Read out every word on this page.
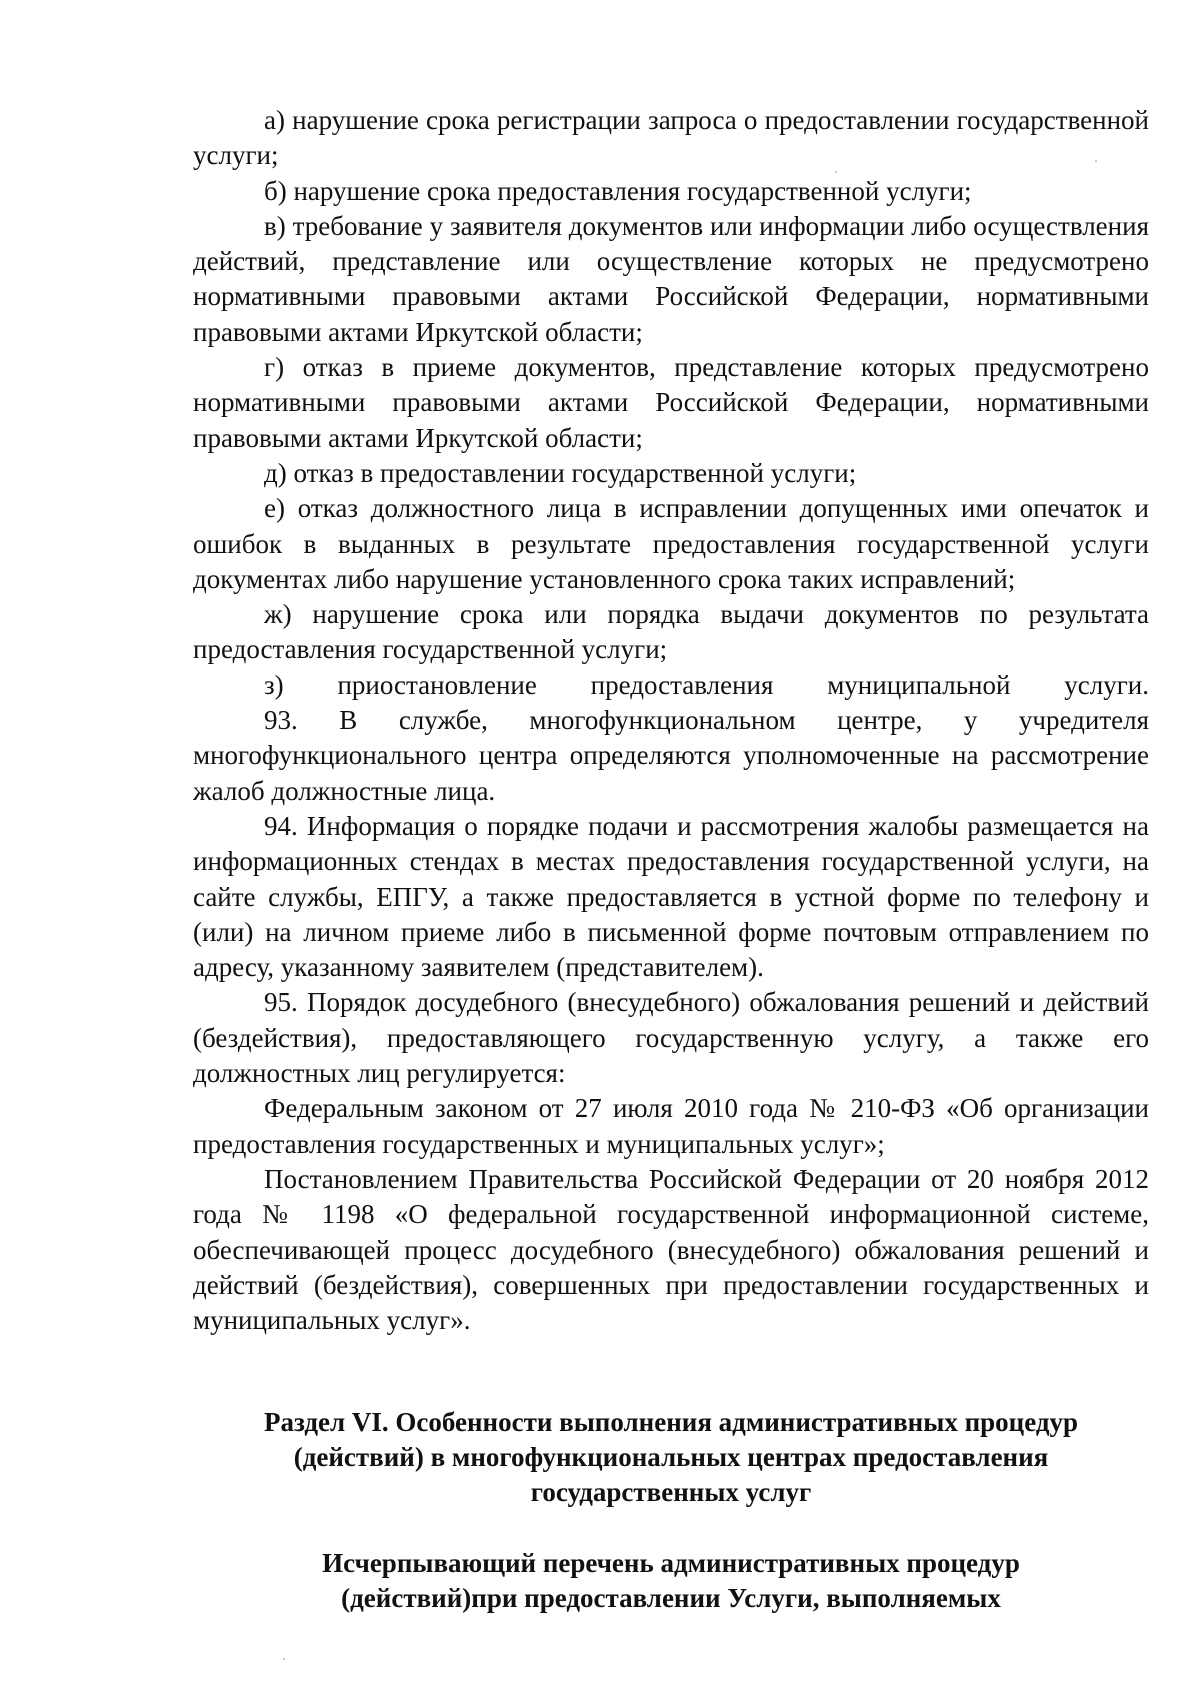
а) нарушение срока регистрации запроса о предоставлении государственной услуги;

б) нарушение срока предоставления государственной услуги;

в) требование у заявителя документов или информации либо осуществления действий, представление или осуществление которых не предусмотрено нормативными правовыми актами Российской Федерации, нормативными правовыми актами Иркутской области;

г) отказ в приеме документов, представление которых предусмотрено нормативными правовыми актами Российской Федерации, нормативными правовыми актами Иркутской области;

д) отказ в предоставлении государственной услуги;

е) отказ должностного лица в исправлении допущенных ими опечаток и ошибок в выданных в результате предоставления государственной услуги документах либо нарушение установленного срока таких исправлений;

ж) нарушение срока или порядка выдачи документов по результата предоставления государственной услуги;

з) приостановление предоставления муниципальной услуги.

93. В службе, многофункциональном центре, у учредителя многофункционального центра определяются уполномоченные на рассмотрение жалоб должностные лица.

94. Информация о порядке подачи и рассмотрения жалобы размещается на информационных стендах в местах предоставления государственной услуги, на сайте службы, ЕПГУ, а также предоставляется в устной форме по телефону и (или) на личном приеме либо в письменной форме почтовым отправлением по адресу, указанному заявителем (представителем).

95. Порядок досудебного (внесудебного) обжалования решений и действий (бездействия), предоставляющего государственную услугу, а также его должностных лиц регулируется:

Федеральным законом от 27 июля 2010 года № 210-ФЗ «Об организации предоставления государственных и муниципальных услуг»;

Постановлением Правительства Российской Федерации от 20 ноября 2012 года № 1198 «О федеральной государственной информационной системе, обеспечивающей процесс досудебного (внесудебного) обжалования решений и действий (бездействия), совершенных при предоставлении государственных и муниципальных услуг».

Раздел VI. Особенности выполнения административных процедур
(действий) в многофункциональных центрах предоставления
государственных услуг
Исчерпывающий перечень административных процедур
(действий)при предоставлении Услуги, выполняемых
